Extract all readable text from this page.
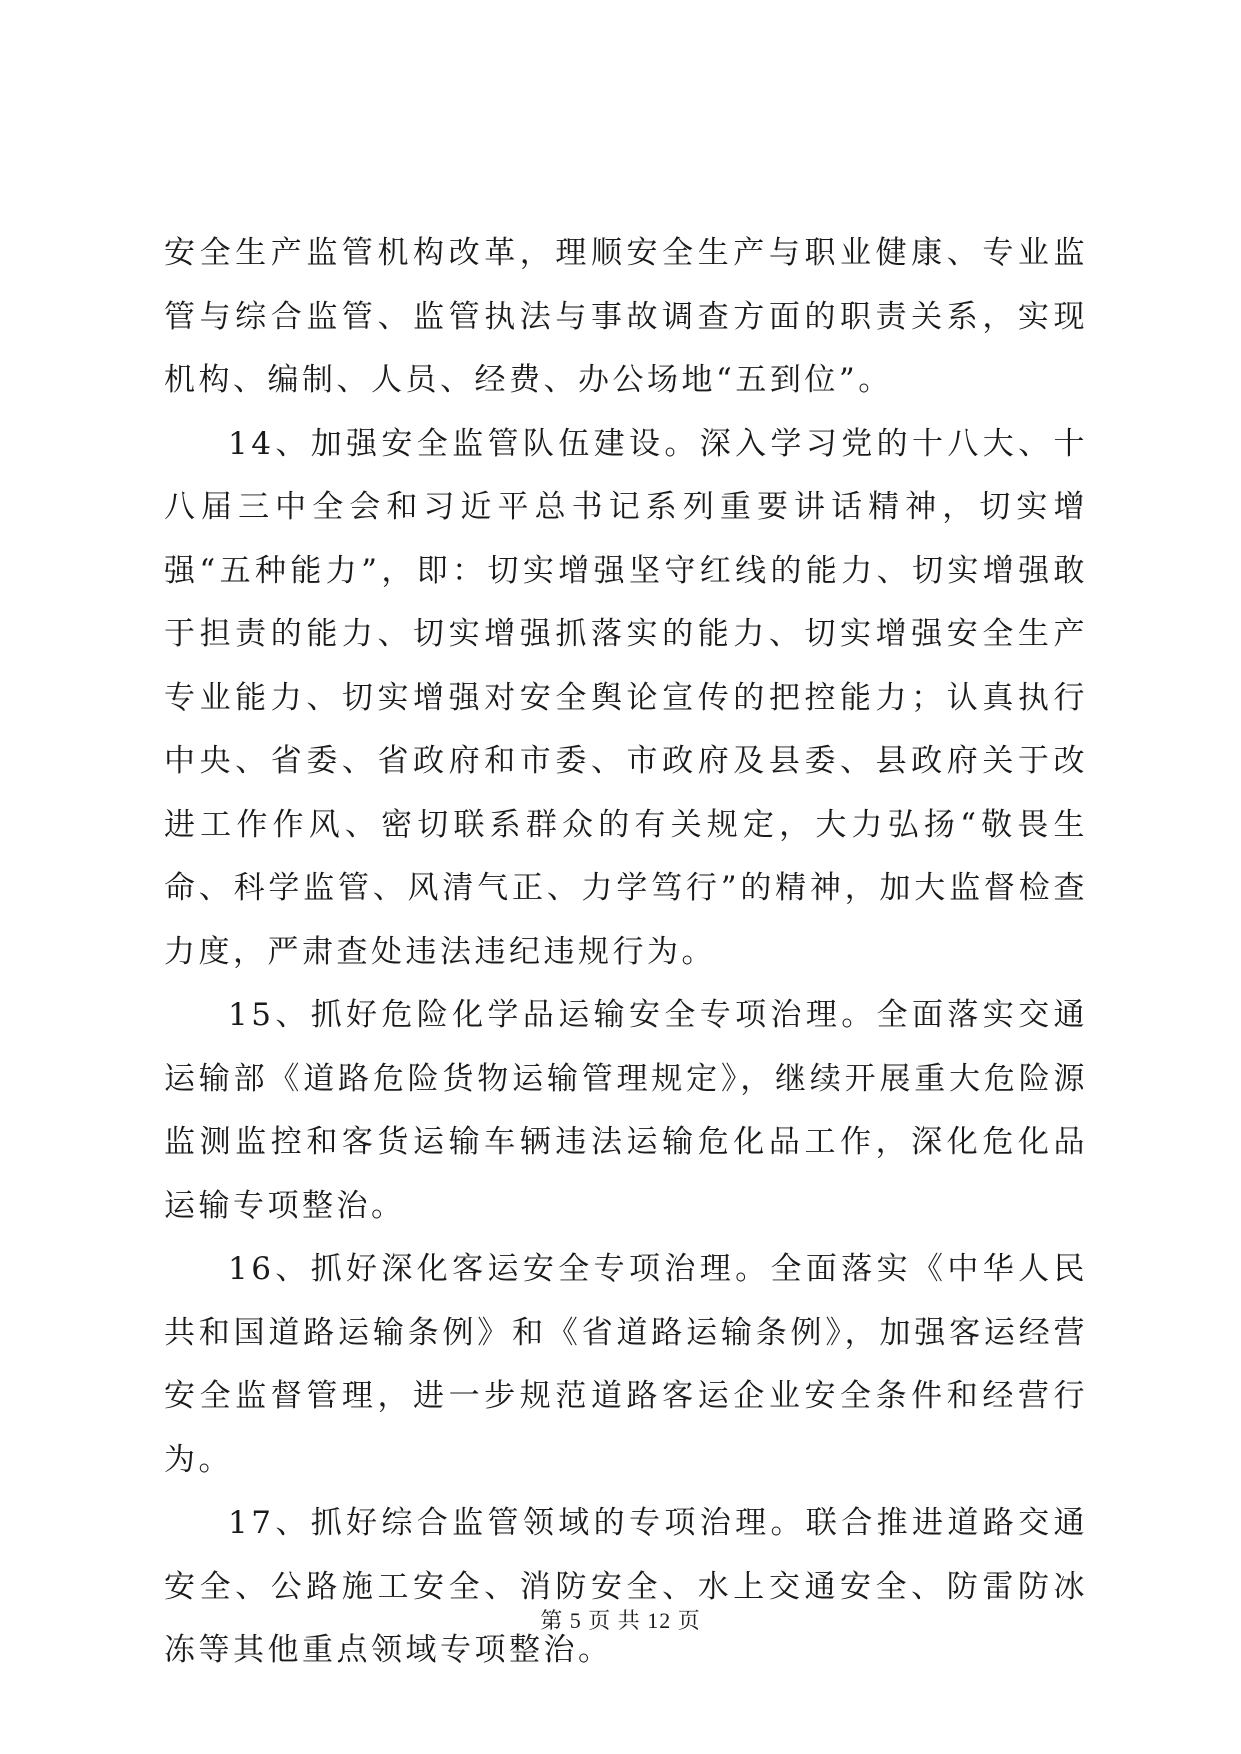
安全生产监管机构改革，理顺安全生产与职业健康、专业监管与综合监管、监管执法与事故调查方面的职责关系，实现机构、编制、人员、经费、办公场地“五到位”。

14、加强安全监管队伍建设。深入学习党的十八大、十八届三中全会和习近平总书记系列重要讲话精神，切实增强“五种能力”，即：切实增强坚守红线的能力、切实增强敢于担责的能力、切实增强抓落实的能力、切实增强安全生产专业能力、切实增强对安全舆论宣传的把控能力；认真执行中央、省委、省政府和市委、市政府及县委、县政府关于改进工作作风、密切联系群众的有关规定，大力弘扬“敬畏生命、科学监管、风清气正、力学笃行”的精神，加大监督检查力度，严肃查处违法违纪违规行为。

15、抓好危险化学品运输安全专项治理。全面落实交通运输部《道路危险货物运输管理规定》，继续开展重大危险源监测监控和客货运输车辆违法运输危化品工作，深化危化品运输专项整治。

16、抓好深化客运安全专项治理。全面落实《中华人民共和国道路运输条例》和《省道路运输条例》，加强客运经营安全监督管理，进一步规范道路客运企业安全条件和经营行为。

17、抓好综合监管领域的专项治理。联合推进道路交通安全、公路施工安全、消防安全、水上交通安全、防雷防冰冻等其他重点领域专项整治。

第 5 页 共 12 页
